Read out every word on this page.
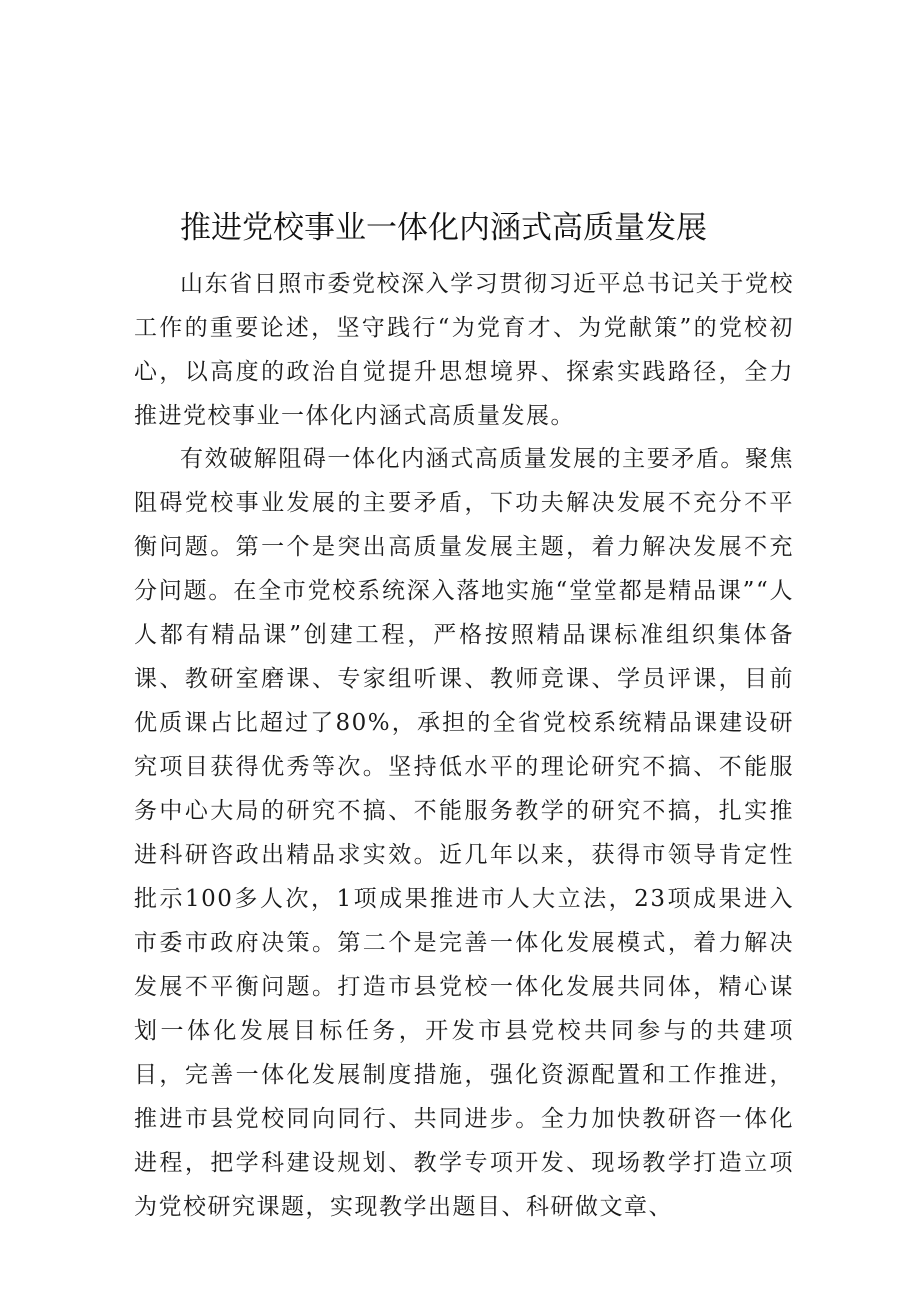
推进党校事业一体化内涵式高质量发展

山东省日照市委党校深入学习贯彻习近平总书记关于党校工作的重要论述，坚守践行“为党育才、为党献策”的党校初心，以高度的政治自觉提升思想境界、探索实践路径，全力推进党校事业一体化内涵式高质量发展。

有效破解阻碍一体化内涵式高质量发展的主要矛盾。聚焦阻碍党校事业发展的主要矛盾，下功夫解决发展不充分不平衡问题。第一个是突出高质量发展主题，着力解决发展不充分问题。在全市党校系统深入落地实施“堂堂都是精品课”“人人都有精品课”创建工程，严格按照精品课标准组织集体备课、教研室磨课、专家组听课、教师竞课、学员评课，目前优质课占比超过了80%，承担的全省党校系统精品课建设研究项目获得优秀等次。坚持低水平的理论研究不搞、不能服务中心大局的研究不搞、不能服务教学的研究不搞，扎实推进科研咨政出精品求实效。近几年以来，获得市领导肯定性批示100多人次，1项成果推进市人大立法，23项成果进入市委市政府决策。第二个是完善一体化发展模式，着力解决发展不平衡问题。打造市县党校一体化发展共同体，精心谋划一体化发展目标任务，开发市县党校共同参与的共建项目，完善一体化发展制度措施，强化资源配置和工作推进，推进市县党校同向同行、共同进步。全力加快教研咨一体化进程，把学科建设规划、教学专项开发、现场教学打造立项为党校研究课题，实现教学出题目、科研做文章、
